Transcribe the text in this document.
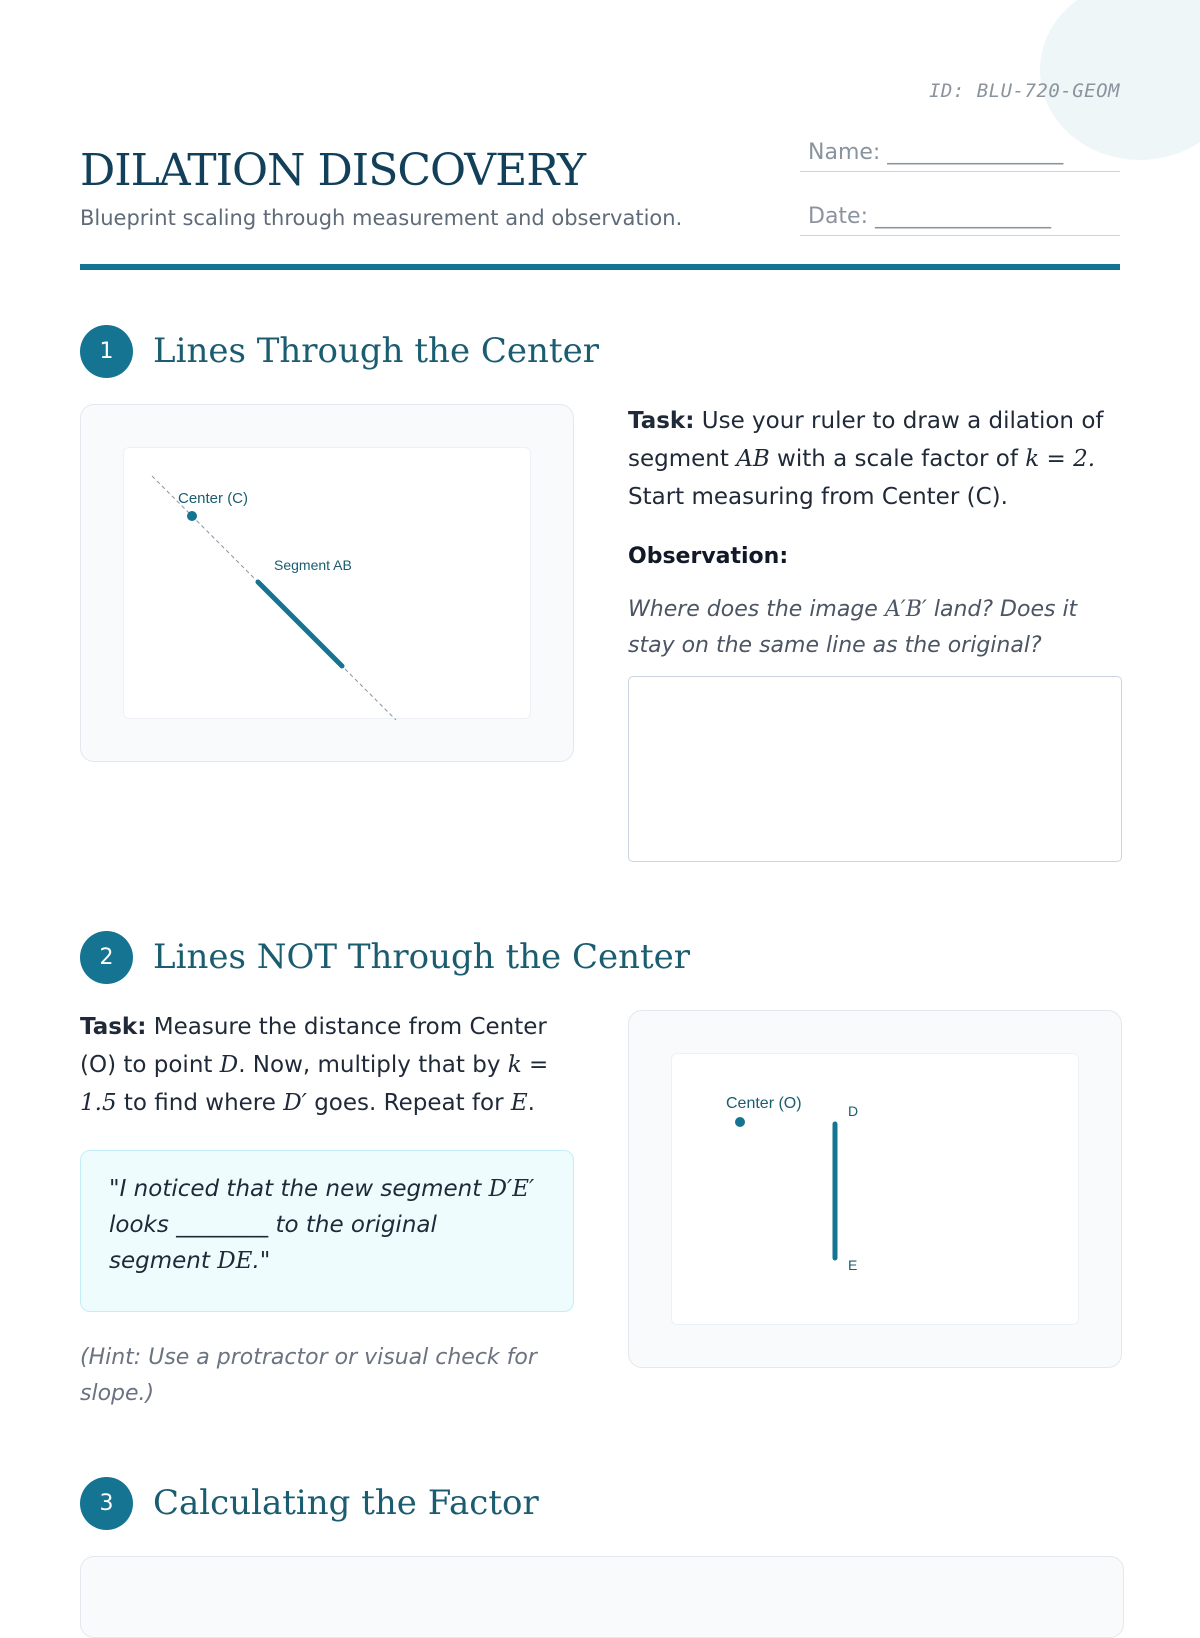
ID: BLU-720-GEOM
DILATION DISCOVERY

Blueprint scaling through measurement and observation.

Name: ________________
Date: ________________
1	Lines Through the Center
Center (C)
Segment AB

Task: Use your ruler to draw a dilation of segment AB with a scale factor of k = 2. Start measuring from Center (C).

Observation:

Where does the image A′B′ land? Does it stay on the same line as the original?

2	Lines NOT Through the Center

Task: Measure the distance from Center (O) to point D. Now, multiply that by k = 1.5 to find where D′ goes. Repeat for E.

"I noticed that the new segment D′E′ looks ________ to the original segment DE."

(Hint: Use a protractor or visual check for slope.)

Center (O)	D
E
3	Calculating the Factor
